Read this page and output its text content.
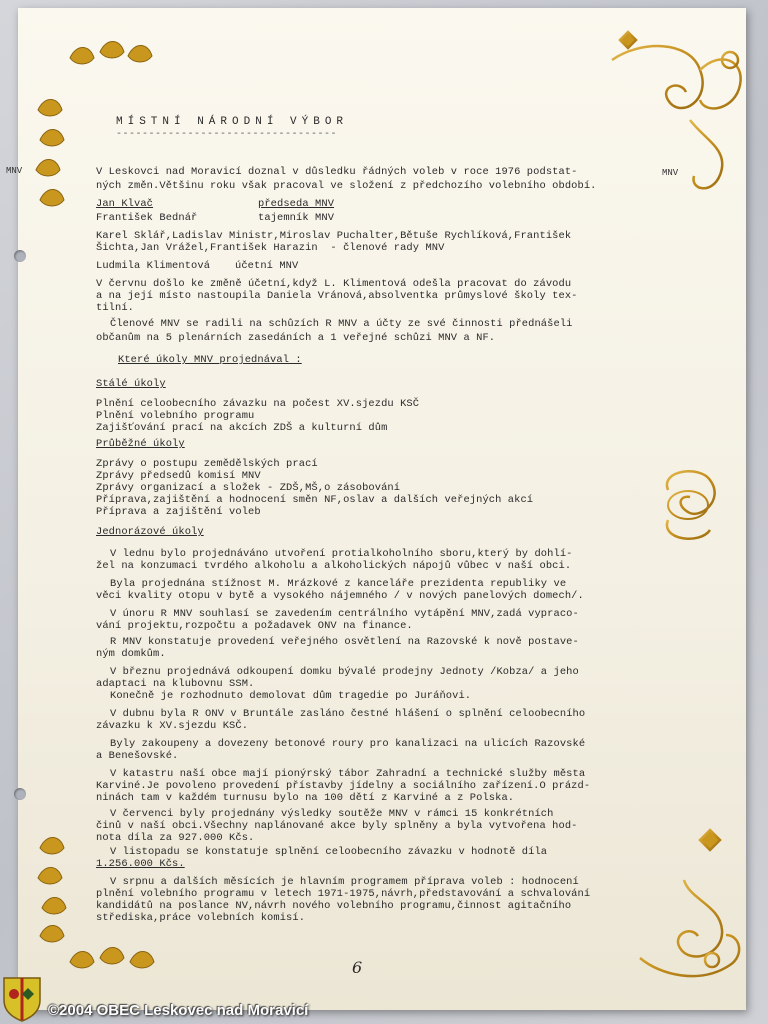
MNV	MNV
MÍSTNÍ NÁRODNÍ VÝBOR
----------------------------------
V Leskovci nad Moravicí doznal v důsledku řádných voleb v roce 1976 podstat-
ných změn.Většinu roku však pracoval ve složení z předchozího volebního období.
Jan Klvač	předseda MNV
František Bednář	tajemník MNV
Karel Sklář,Ladislav Ministr,Miroslav Puchalter,Bětuše Rychlíková,František
Šichta,Jan Vrážel,František Harazin  - členové rady MNV
Ludmila Klimentová účetní MNV
V červnu došlo ke změně účetní,když L. Klimentová odešla pracovat do závodu
a na její místo nastoupila Daniela Vránová,absolventka průmyslové školy tex-
tilní.
Členové MNV se radili na schůzích R MNV a účty ze své činnosti přednášeli
občanům na 5 plenárních zasedáních a 1 veřejné schůzi MNV a NF.
Které úkoly MNV projednával :
Stálé úkoly
Plnění celoobecního závazku na počest XV.sjezdu KSČ
Plnění volebního programu
Zajišťování prací na akcích ZDŠ a kulturní dům
Průběžné úkoly
Zprávy o postupu zemědělských prací
Zprávy předsedů komisí MNV
Zprávy organizací a složek - ZDŠ,MŠ,o zásobování
Příprava,zajištění a hodnocení směn NF,oslav a dalších veřejných akcí
Příprava a zajištění voleb
Jednorázové úkoly
V lednu bylo projednáváno utvoření protialkoholního sboru,který by dohlí-
žel na konzumaci tvrdého alkoholu a alkoholických nápojů vůbec v naší obci.
Byla projednána stížnost M. Mrázkové z kanceláře prezidenta republiky ve
věci kvality otopu v bytě a vysokého nájemného / v nových panelových domech/.
V únoru R MNV souhlasí se zavedením centrálního vytápění MNV,zadá vypraco-
vání projektu,rozpočtu a požadavek ONV na finance.
R MNV konstatuje provedení veřejného osvětlení na Razovské k nově postave-
ným domkům.
V březnu projednává odkoupení domku bývalé prodejny Jednoty /Kobza/ a jeho
adaptaci na klubovnu SSM.
Konečně je rozhodnuto demolovat dům tragedie po Juráňovi.
V dubnu byla R ONV v Bruntále zasláno čestné hlášení o splnění celoobecního
závazku k XV.sjezdu KSČ.
Byly zakoupeny a dovezeny betonové roury pro kanalizaci na ulicích Razovské
a Benešovské.
V katastru naší obce mají pionýrský tábor Zahradní a technické služby města
Karviné.Je povoleno provedení přístavby jídelny a sociálního zařízení.O prázd-
ninách tam v každém turnusu bylo na 100 dětí z Karviné a z Polska.
V červenci byly projednány výsledky soutěže MNV v rámci 15 konkrétních
činů v naší obci.Všechny naplánované akce byly splněny a byla vytvořena hod-
nota díla za 927.000 Kčs.
V listopadu se konstatuje splnění celoobecního závazku v hodnotě díla
1.256.000 Kčs.
V srpnu a dalších měsících je hlavním programem příprava voleb : hodnocení
plnění volebního programu v letech 1971-1975,návrh,představování a schvalování
kandidátů na poslance NV,návrh nového volebního programu,činnost agitačního
střediska,práce volebních komisí.
6
©2004 OBEC Leskovec nad Moravicí
